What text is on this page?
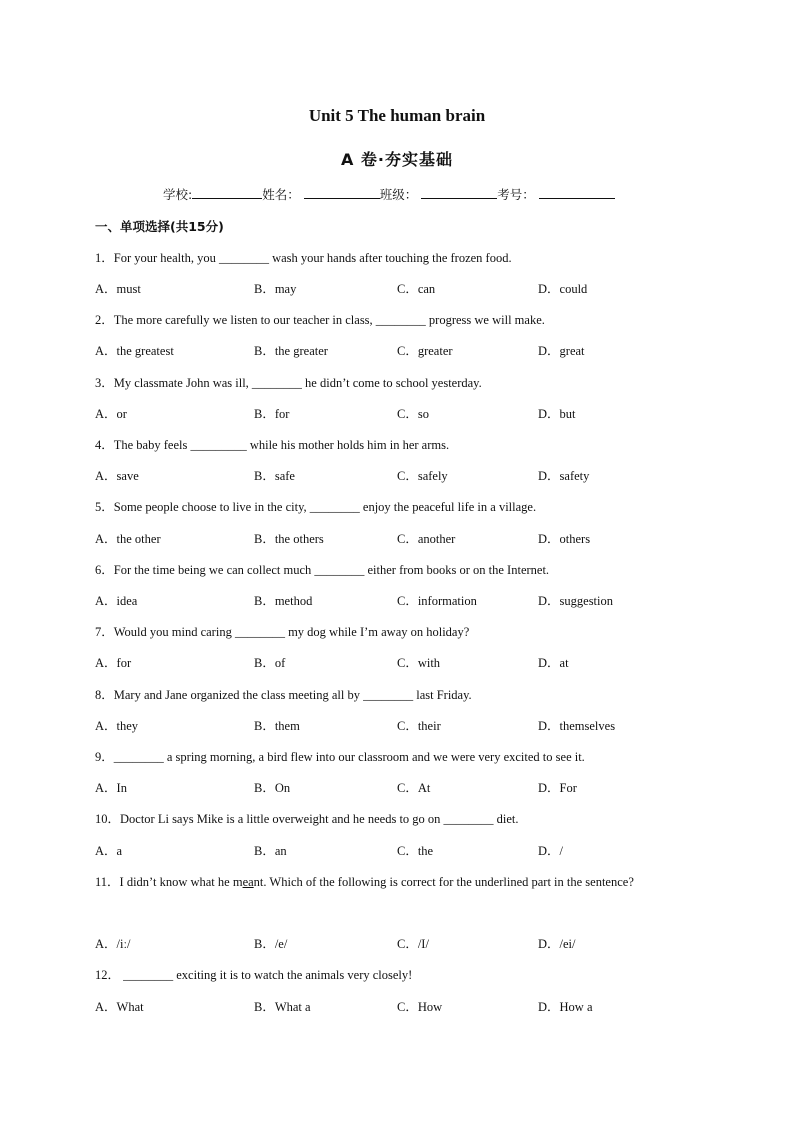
Unit 5 The human brain
A 卷·夯实基础
学校:	姓名：	班级：	考号：
一、单项选择(共15分)
1．For your health, you ________ wash your hands after touching the frozen food.
A．must	B．may	C．can	D．could
2．The more carefully we listen to our teacher in class, ________ progress we will make.
A．the greatest	B．the greater	C．greater	D．great
3．My classmate John was ill, ________ he didn’t come to school yesterday.
A．or	B．for	C．so	D．but
4．The baby feels _________ while his mother holds him in her arms.
A．save	B．safe	C．safely	D．safety
5．Some people choose to live in the city, ________ enjoy the peaceful life in a village.
A．the other	B．the others	C．another	D．others
6．For the time being we can collect much ________ either from books or on the Internet.
A．idea	B．method	C．information	D．suggestion
7．Would you mind caring ________ my dog while I’m away on holiday?
A．for	B．of	C．with	D．at
8．Mary and Jane organized the class meeting all by ________ last Friday.
A．they	B．them	C．their	D．themselves
9．________ a spring morning, a bird flew into our classroom and we were very excited to see it.
A．In	B．On	C．At	D．For
10．Doctor Li says Mike is a little overweight and he needs to go on ________ diet.
A．a	B．an	C．the	D．/
11．I didn’t know what he meant. Which of the following is correct for the underlined part in the sentence?
A．/iː/	B．/e/	C．/I/	D．/ei/
12． ________ exciting it is to watch the animals very closely!
A．What	B．What a	C．How	D．How a
